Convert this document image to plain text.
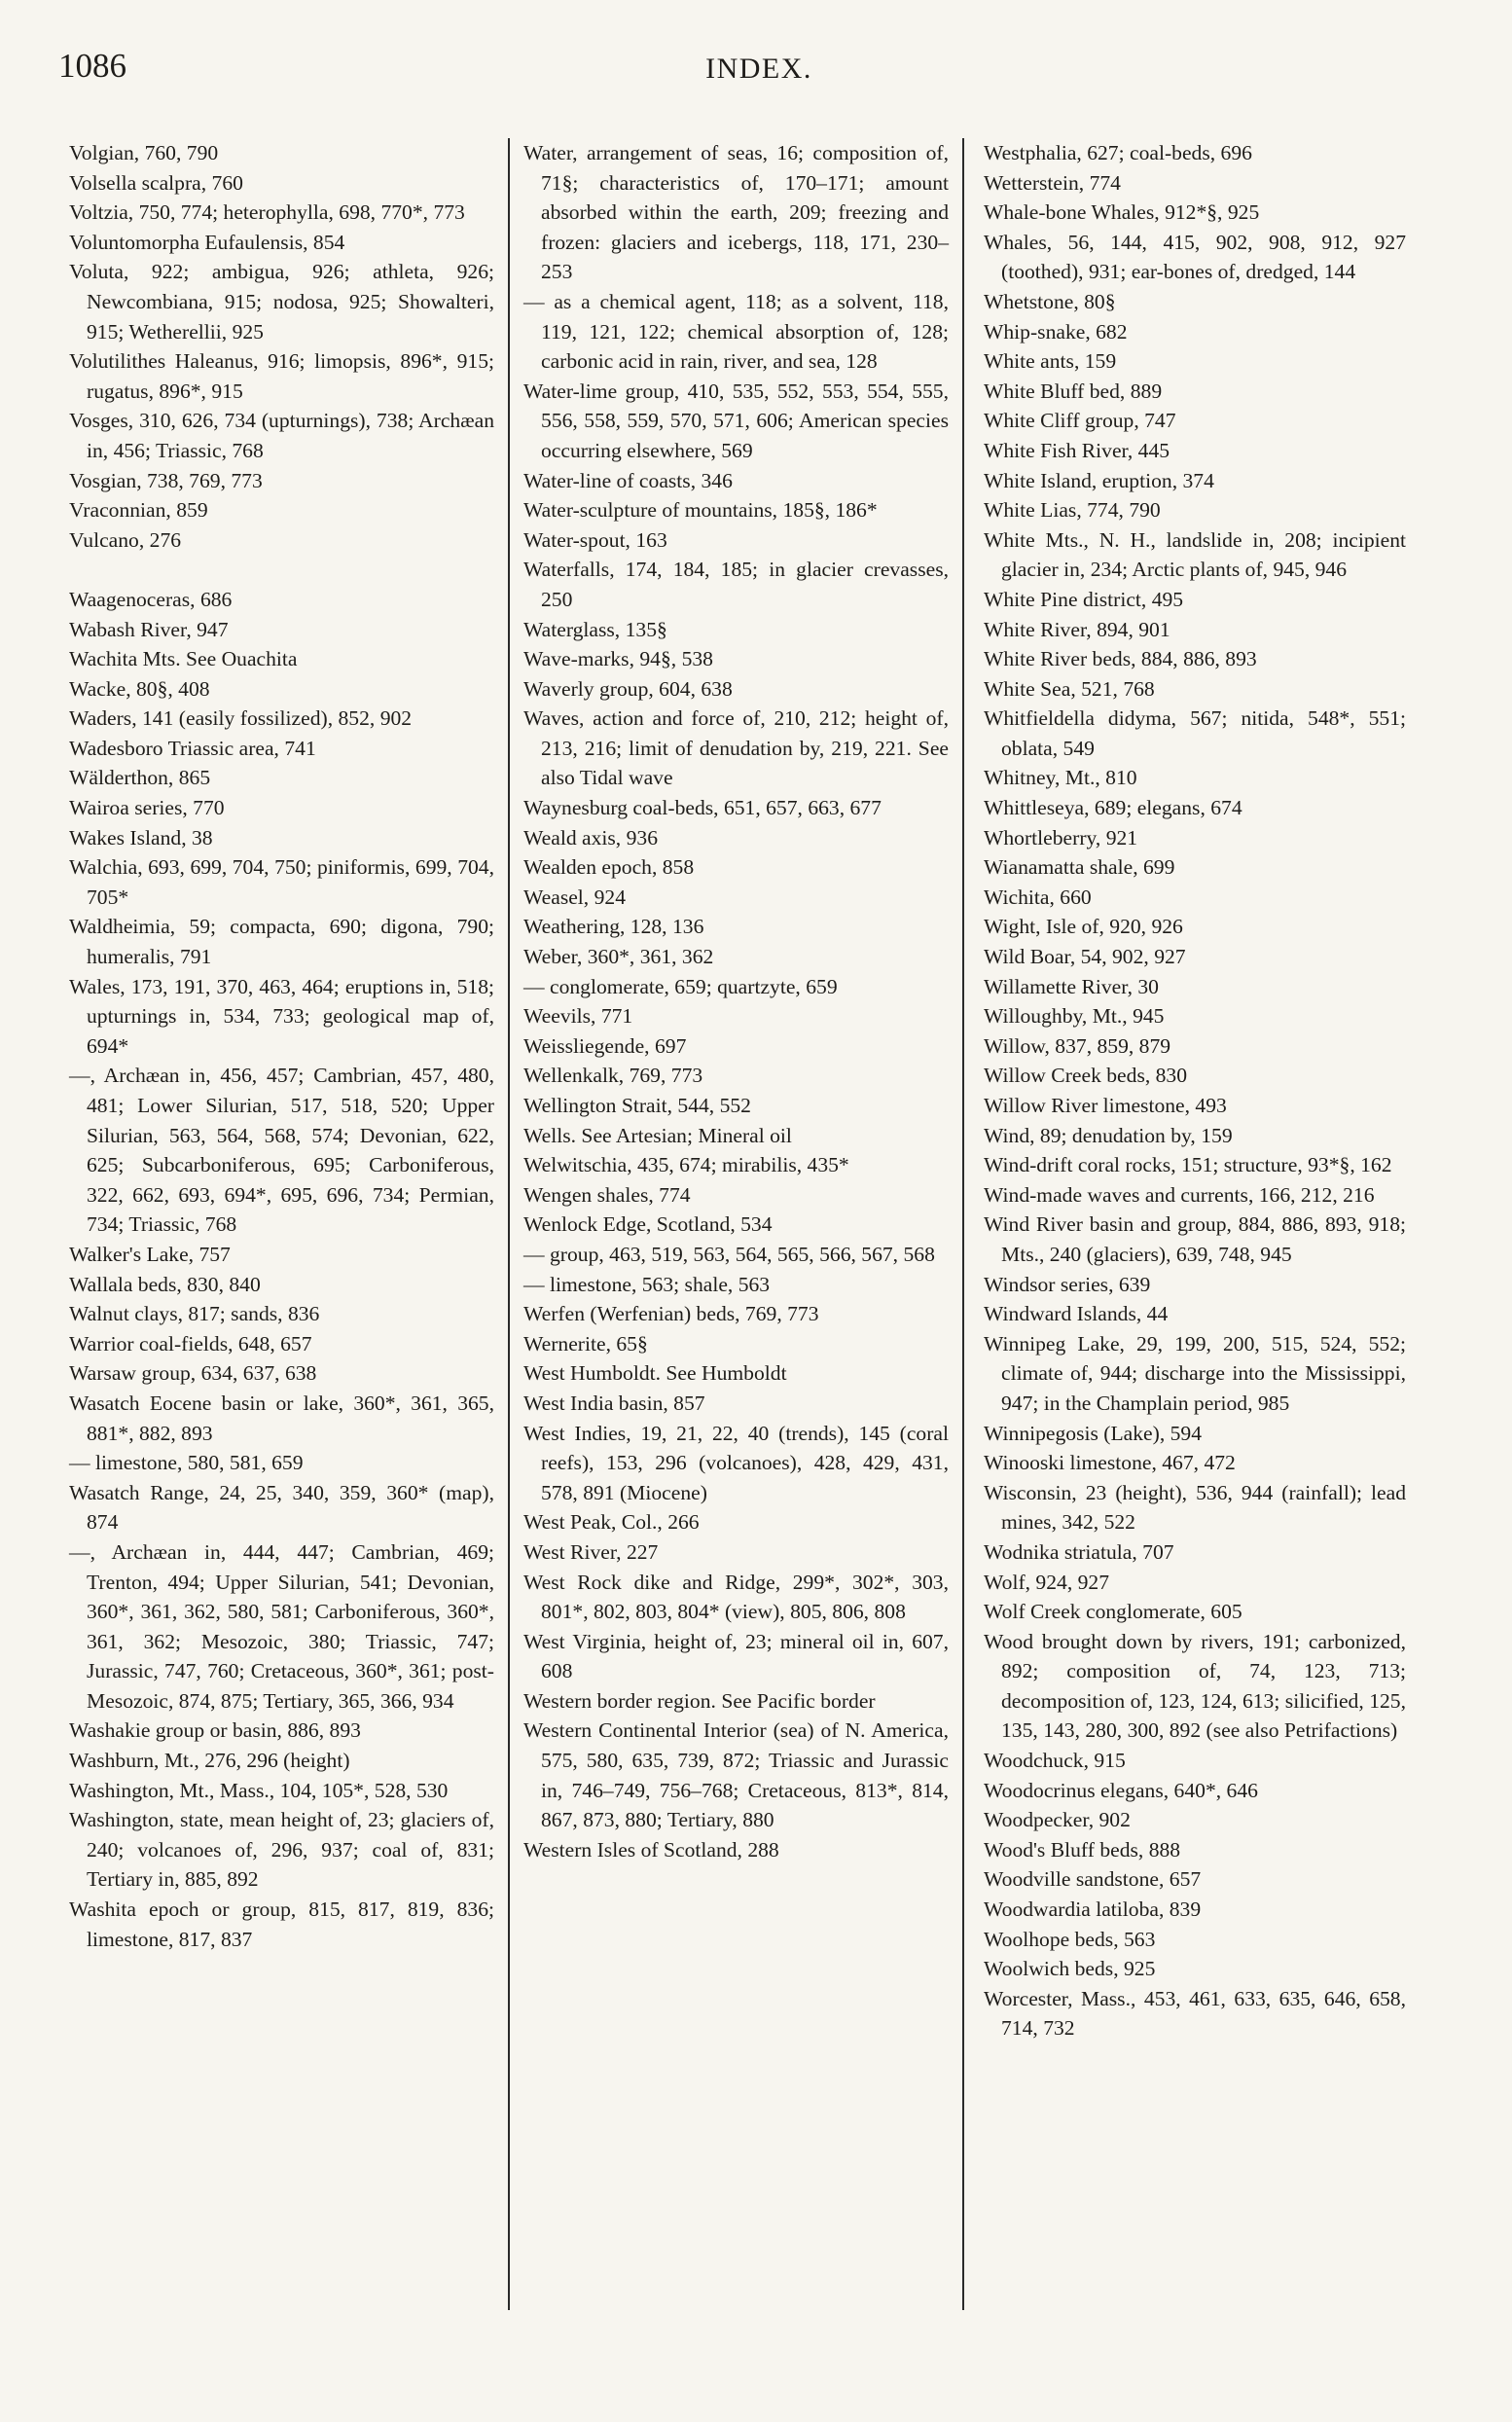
1086	INDEX.
Volgian, 760, 790
Volsella scalpra, 760
Voltzia, 750, 774; heterophylla, 698, 770*, 773
Voluntomorpha Eufaulensis, 854
Voluta, 922; ambigua, 926; athleta, 926; Newcombiana, 915; nodosa, 925; Showalteri, 915; Wetherellii, 925
Volutilithes Haleanus, 916; limopsis, 896*, 915; rugatus, 896*, 915
Vosges, 310, 626, 734 (upturnings), 738; Archæan in, 456; Triassic, 768
Vosgian, 738, 769, 773
Vraconnian, 859
Vulcano, 276
Waagenoceras, 686
Wabash River, 947
Wachita Mts. See Ouachita
Wacke, 80§, 408
Waders, 141 (easily fossilized), 852, 902
Wadesboro Triassic area, 741
Wälderthon, 865
Wairoa series, 770
Wakes Island, 38
Walchia, 693, 699, 704, 750; piniformis, 699, 704, 705*
Waldheimia, 59; compacta, 690; digona, 790; humeralis, 791
Wales, 173, 191, 370, 463, 464; eruptions in, 518; upturnings in, 534, 733; geological map of, 694*
—, Archæan in, 456, 457; Cambrian, 457, 480, 481; Lower Silurian, 517, 518, 520; Upper Silurian, 563, 564, 568, 574; Devonian, 622, 625; Subcarboniferous, 695; Carboniferous, 322, 662, 693, 694*, 695, 696, 734; Permian, 734; Triassic, 768
Walker's Lake, 757
Wallala beds, 830, 840
Walnut clays, 817; sands, 836
Warrior coal-fields, 648, 657
Warsaw group, 634, 637, 638
Wasatch Eocene basin or lake, 360*, 361, 365, 881*, 882, 893
— limestone, 580, 581, 659
Wasatch Range, 24, 25, 340, 359, 360* (map), 874
—, Archæan in, 444, 447; Cambrian, 469; Trenton, 494; Upper Silurian, 541; Devonian, 360*, 361, 362, 580, 581; Carboniferous, 360*, 361, 362; Mesozoic, 380; Triassic, 747; Jurassic, 747, 760; Cretaceous, 360*, 361; post-Mesozoic, 874, 875; Tertiary, 365, 366, 934
Washakie group or basin, 886, 893
Washburn, Mt., 276, 296 (height)
Washington, Mt., Mass., 104, 105*, 528, 530
Washington, state, mean height of, 23; glaciers of, 240; volcanoes of, 296, 937; coal of, 831; Tertiary in, 885, 892
Washita epoch or group, 815, 817, 819, 836; limestone, 817, 837
Water, arrangement of seas, 16; composition of, 71§; characteristics of, 170–171; amount absorbed within the earth, 209; freezing and frozen: glaciers and icebergs, 118, 171, 230–253
— as a chemical agent, 118; as a solvent, 118, 119, 121, 122; chemical absorption of, 128; carbonic acid in rain, river, and sea, 128
Water-lime group, 410, 535, 552, 553, 554, 555, 556, 558, 559, 570, 571, 606; American species occurring elsewhere, 569
Water-line of coasts, 346
Water-sculpture of mountains, 185§, 186*
Water-spout, 163
Waterfalls, 174, 184, 185; in glacier crevasses, 250
Waterglass, 135§
Wave-marks, 94§, 538
Waverly group, 604, 638
Waves, action and force of, 210, 212; height of, 213, 216; limit of denudation by, 219, 221. See also Tidal wave
Waynesburg coal-beds, 651, 657, 663, 677
Weald axis, 936
Wealden epoch, 858
Weasel, 924
Weathering, 128, 136
Weber, 360*, 361, 362
— conglomerate, 659; quartzyte, 659
Weevils, 771
Weissliegende, 697
Wellenkalk, 769, 773
Wellington Strait, 544, 552
Wells. See Artesian; Mineral oil
Welwitschia, 435, 674; mirabilis, 435*
Wengen shales, 774
Wenlock Edge, Scotland, 534
— group, 463, 519, 563, 564, 565, 566, 567, 568
— limestone, 563; shale, 563
Werfen (Werfenian) beds, 769, 773
Wernerite, 65§
West Humboldt. See Humboldt
West India basin, 857
West Indies, 19, 21, 22, 40 (trends), 145 (coral reefs), 153, 296 (volcanoes), 428, 429, 431, 578, 891 (Miocene)
West Peak, Col., 266
West River, 227
West Rock dike and Ridge, 299*, 302*, 303, 801*, 802, 803, 804* (view), 805, 806, 808
West Virginia, height of, 23; mineral oil in, 607, 608
Western border region. See Pacific border
Western Continental Interior (sea) of N. America, 575, 580, 635, 739, 872; Triassic and Jurassic in, 746–749, 756–768; Cretaceous, 813*, 814, 867, 873, 880; Tertiary, 880
Western Isles of Scotland, 288
Westphalia, 627; coal-beds, 696
Wetterstein, 774
Whale-bone Whales, 912*§, 925
Whales, 56, 144, 415, 902, 908, 912, 927 (toothed), 931; ear-bones of, dredged, 144
Whetstone, 80§
Whip-snake, 682
White ants, 159
White Bluff bed, 889
White Cliff group, 747
White Fish River, 445
White Island, eruption, 374
White Lias, 774, 790
White Mts., N. H., landslide in, 208; incipient glacier in, 234; Arctic plants of, 945, 946
White Pine district, 495
White River, 894, 901
White River beds, 884, 886, 893
White Sea, 521, 768
Whitfieldella didyma, 567; nitida, 548*, 551; oblata, 549
Whitney, Mt., 810
Whittleseya, 689; elegans, 674
Whortleberry, 921
Wianamatta shale, 699
Wichita, 660
Wight, Isle of, 920, 926
Wild Boar, 54, 902, 927
Willamette River, 30
Willoughby, Mt., 945
Willow, 837, 859, 879
Willow Creek beds, 830
Willow River limestone, 493
Wind, 89; denudation by, 159
Wind-drift coral rocks, 151; structure, 93*§, 162
Wind-made waves and currents, 166, 212, 216
Wind River basin and group, 884, 886, 893, 918; Mts., 240 (glaciers), 639, 748, 945
Windsor series, 639
Windward Islands, 44
Winnipeg Lake, 29, 199, 200, 515, 524, 552; climate of, 944; discharge into the Mississippi, 947; in the Champlain period, 985
Winnipegosis (Lake), 594
Winooski limestone, 467, 472
Wisconsin, 23 (height), 536, 944 (rainfall); lead mines, 342, 522
Wodnika striatula, 707
Wolf, 924, 927
Wolf Creek conglomerate, 605
Wood brought down by rivers, 191; carbonized, 892; composition of, 74, 123, 713; decomposition of, 123, 124, 613; silicified, 125, 135, 143, 280, 300, 892 (see also Petrifactions)
Woodchuck, 915
Woodocrinus elegans, 640*, 646
Woodpecker, 902
Wood's Bluff beds, 888
Woodville sandstone, 657
Woodwardia latiloba, 839
Woolhope beds, 563
Woolwich beds, 925
Worcester, Mass., 453, 461, 633, 635, 646, 658, 714, 732
